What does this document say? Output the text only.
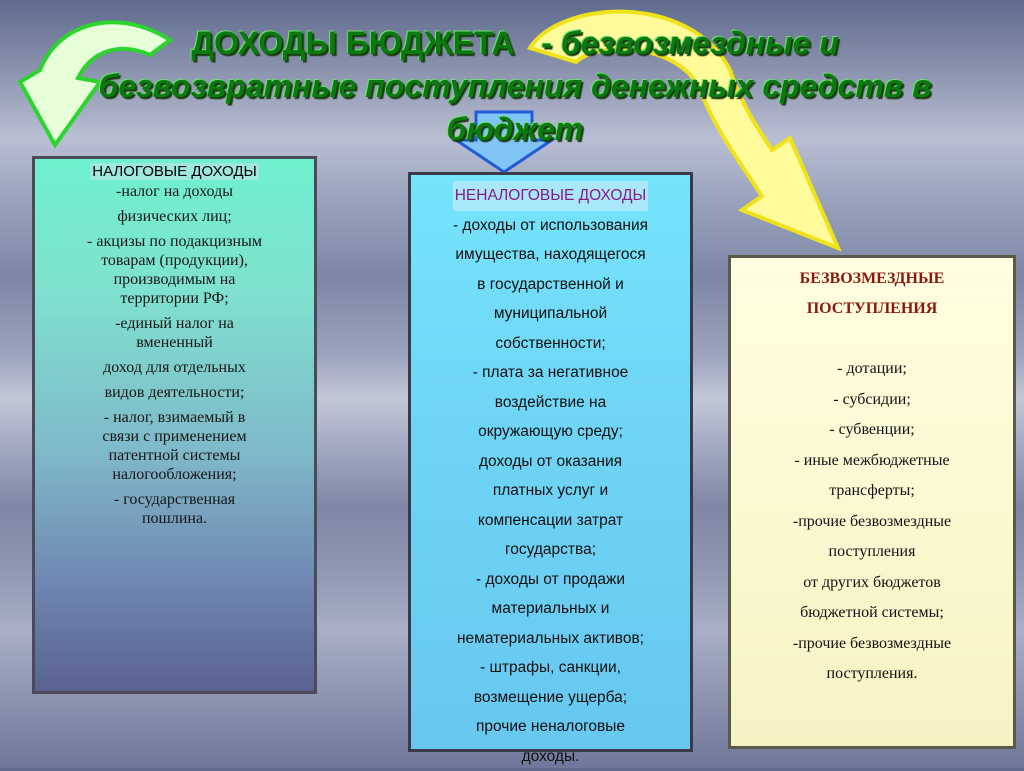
ДОХОДЫ БЮДЖЕТА - безвозмездные и
безвозвратные поступления денежных средств в
бюджет
НАЛОГОВЫЕ ДОХОДЫ

-налог на доходы

физических лиц;

- акцизы по подакцизным

товарам (продукции),

производимым на

территории РФ;

-единый налог на

вмененный

доход для отдельных

видов деятельности;

- налог, взимаемый в

связи с применением

патентной системы

налогообложения;

- государственная

пошлина.

НЕНАЛОГОВЫЕ ДОХОДЫ

- доходы от использования

имущества, находящегося

в государственной и

муниципальной

собственности;

- плата за негативное

воздействие на

окружающую среду;

доходы от оказания

платных услуг и

компенсации затрат

государства;

- доходы от продажи

материальных и

нематериальных активов;

- штрафы, санкции,

возмещение ущерба;

прочие неналоговые

доходы.

БЕЗВОЗМЕЗДНЫЕ

ПОСТУПЛЕНИЯ

- дотации;

- субсидии;

- субвенции;

- иные межбюджетные

трансферты;

-прочие безвозмездные

поступления

от других бюджетов

бюджетной системы;

-прочие безвозмездные

поступления.
